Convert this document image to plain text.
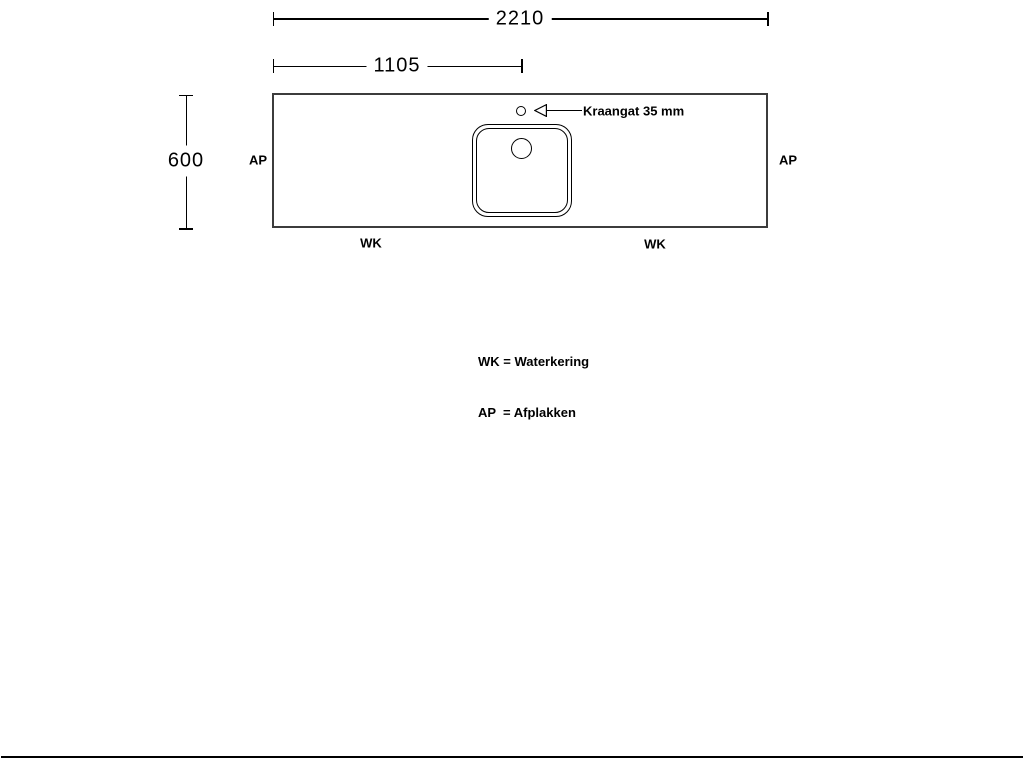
2210
1105
600
Kraangat 35 mm
AP	AP
WK	WK

WK = Waterkering

AP  = Afplakken
